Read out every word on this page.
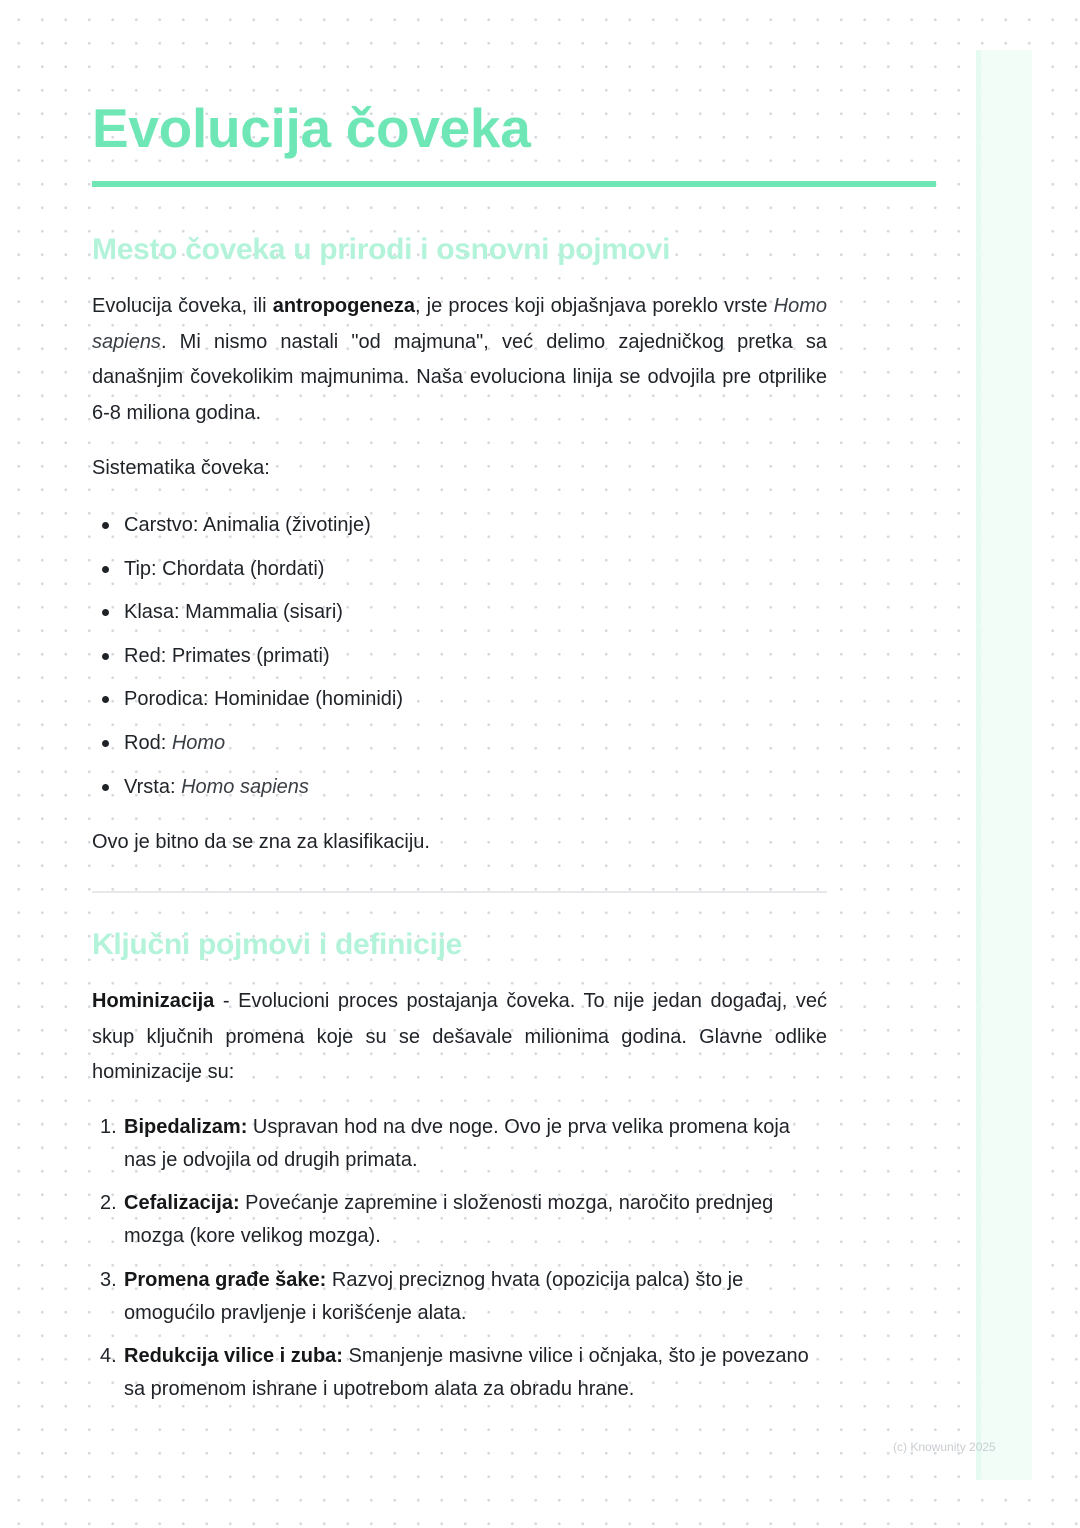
Evolucija čoveka
Mesto čoveka u prirodi i osnovni pojmovi

Evolucija čoveka, ili antropogeneza, je proces koji objašnjava poreklo vrste Homo sapiens. Mi nismo nastali "od majmuna", već delimo zajedničkog pretka sa današnjim čovekolikim majmunima. Naša evoluciona linija se odvojila pre otprilike 6-8 miliona godina.

Sistematika čoveka:

Carstvo: Animalia (životinje)
Tip: Chordata (hordati)
Klasa: Mammalia (sisari)
Red: Primates (primati)
Porodica: Hominidae (hominidi)
Rod: Homo
Vrsta: Homo sapiens

Ovo je bitno da se zna za klasifikaciju.

Ključni pojmovi i definicije

Hominizacija - Evolucioni proces postajanja čoveka. To nije jedan događaj, već skup ključnih promena koje su se dešavale milionima godina. Glavne odlike hominizacije su:

1. Bipedalizam: Uspravan hod na dve noge. Ovo je prva velika promena koja nas je odvojila od drugih primata.
2. Cefalizacija: Povećanje zapremine i složenosti mozga, naročito prednjeg mozga (kore velikog mozga).
3. Promena građe šake: Razvoj preciznog hvata (opozicija palca) što je omogućilo pravljenje i korišćenje alata.
4. Redukcija vilice i zuba: Smanjenje masivne vilice i očnjaka, što je povezano sa promenom ishrane i upotrebom alata za obradu hrane.
(c) Knowunity 2025
